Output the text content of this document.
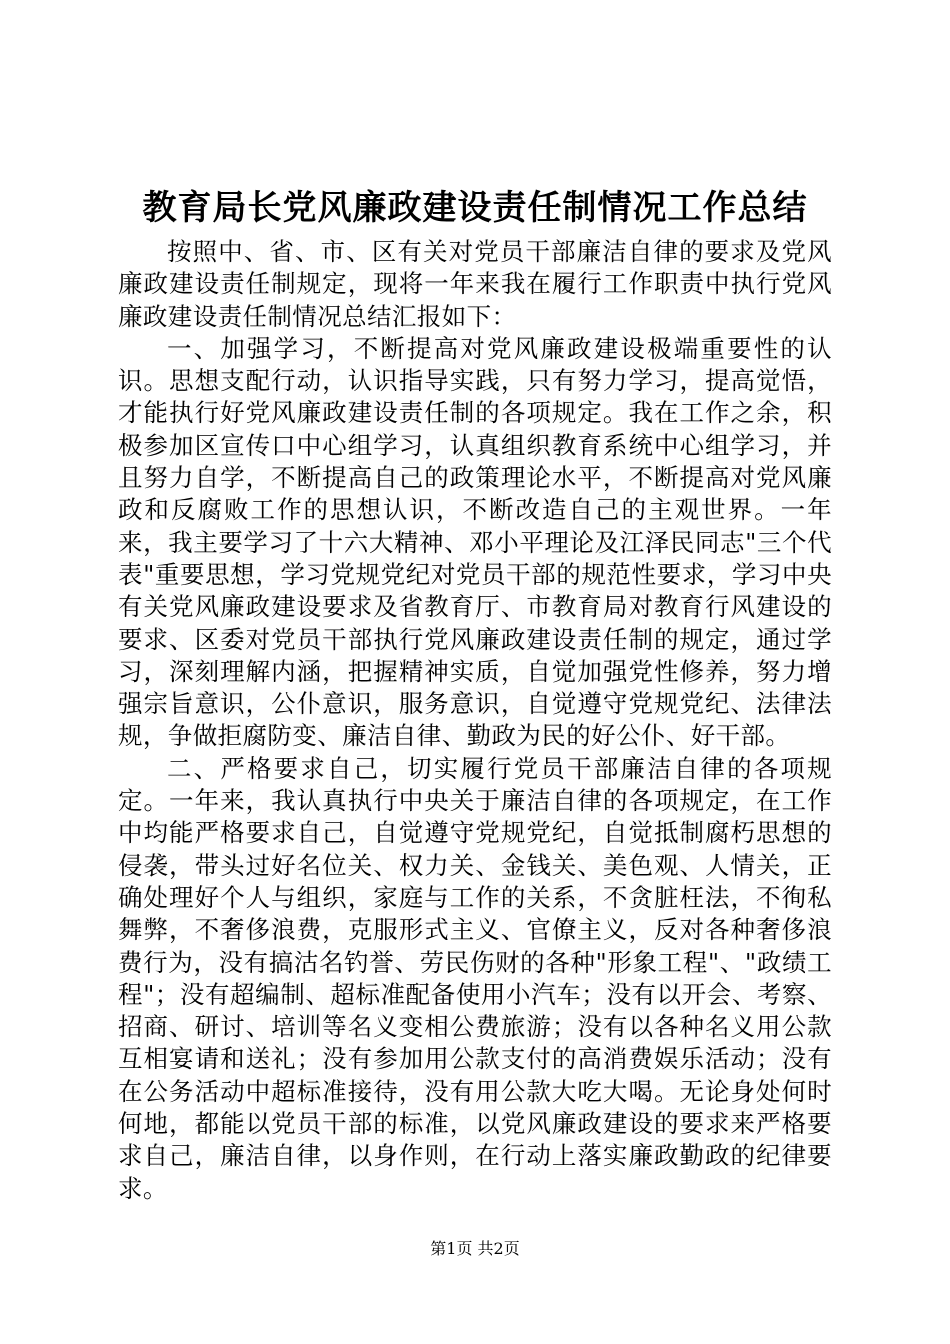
教育局长党风廉政建设责任制情况工作总结

按照中、省、市、区有关对党员干部廉洁自律的要求及党风廉政建设责任制规定，现将一年来我在履行工作职责中执行党风廉政建设责任制情况总结汇报如下：

一、加强学习，不断提高对党风廉政建设极端重要性的认识。思想支配行动，认识指导实践，只有努力学习，提高觉悟，才能执行好党风廉政建设责任制的各项规定。我在工作之余，积极参加区宣传口中心组学习，认真组织教育系统中心组学习，并且努力自学，不断提高自己的政策理论水平，不断提高对党风廉政和反腐败工作的思想认识，不断改造自己的主观世界。一年来，我主要学习了十六大精神、邓小平理论及江泽民同志"三个代表"重要思想，学习党规党纪对党员干部的规范性要求，学习中央有关党风廉政建设要求及省教育厅、市教育局对教育行风建设的要求、区委对党员干部执行党风廉政建设责任制的规定，通过学习，深刻理解内涵，把握精神实质，自觉加强党性修养，努力增强宗旨意识，公仆意识，服务意识，自觉遵守党规党纪、法律法规，争做拒腐防变、廉洁自律、勤政为民的好公仆、好干部。

二、严格要求自己，切实履行党员干部廉洁自律的各项规定。一年来，我认真执行中央关于廉洁自律的各项规定，在工作中均能严格要求自己，自觉遵守党规党纪，自觉抵制腐朽思想的侵袭，带头过好名位关、权力关、金钱关、美色观、人情关，正确处理好个人与组织，家庭与工作的关系，不贪脏枉法，不徇私舞弊，不奢侈浪费，克服形式主义、官僚主义，反对各种奢侈浪费行为，没有搞沽名钓誉、劳民伤财的各种"形象工程"、"政绩工程"；没有超编制、超标准配备使用小汽车；没有以开会、考察、招商、研讨、培训等名义变相公费旅游；没有以各种名义用公款互相宴请和送礼；没有参加用公款支付的高消费娱乐活动；没有在公务活动中超标准接待，没有用公款大吃大喝。无论身处何时何地，都能以党员干部的标准，以党风廉政建设的要求来严格要求自己，廉洁自律，以身作则，在行动上落实廉政勤政的纪律要求。

第1页 共2页
